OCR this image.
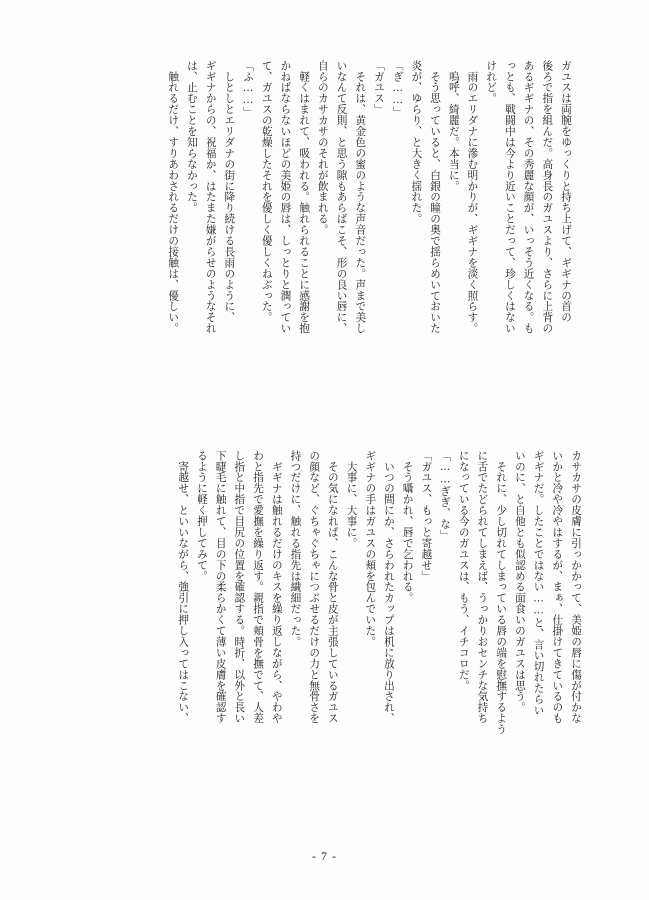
ガユスは両腕をゆっくりと持ち上げて、ギギナの首の

後ろで指を組んだ。高身長のガユスより、さらに上背の

あるギギナの、その秀麗な顔が、いっそう近くなる。も

っとも、戦闘中は今より近いことだって、珍しくはない

けれど。

　雨のエリダナに滲む明かりが、ギギナを淡く照らす。

　嗚呼、綺麗だ。本当に。

　そう思っていると、白銀の瞳の奥で揺らめいておいた

炎が、ゆらり、と大きく揺れた。

「ぎ……」

「ガユス」

　それは、黄金色の蜜のような声音だった。声まで美し

いなんて反則、と思う隙もあらばこそ、形の良い唇に、

自らのカサカサのそれが飲まれる。

　軽くはまれて、吸われる。触れられることに感謝を抱

かねばならないほどの美姫の唇は、しっとりと潤ってい

て、ガユスの乾燥したそれを優しく優しくねぶった。

「ふ……」

　しとしとエリダナの街に降り続ける長雨のように、

ギギナからの、祝福か、はたまた嫌がらせのようなそれ

は、止むことを知らなかった。

　触れるだけ、すりあわされるだけの接触は、優しい。

カサカサの皮膚に引っかかって、美姫の唇に傷が付かな

いかと冷や冷やはするが、まぁ、仕掛けてきているのも

ギギナだ。したことではない……と、言い切れたらい

いのに、と自他とも似認める面食いのガユスは思う。

　それに、少し切れてしまっている唇の端を慰撫するよう

に舌でたどられてしまえば、うっかりおセンチな気持ち

になっている今のガユスは、もう、イチコロだ。

「……ぎぎ、な」

「ガユス、もっと寄越せ」

　そう囁かれ、唇で乞われる。

　いつの間にか、さらわれたカップは机に放り出され、

ギギナの手はガユスの頬を包んでいた。

　大事に、大事に。

　その気になれば、こんな骨と皮が主張しているガユス

の顔など、ぐちゃぐちゃにつぶせるだけの力と無骨さを

持つだけに、触れる指先は繊細だった。

　ギギナは触れるだけのキスを繰り返しながら、やわや

わと指先で愛撫を繰り返す。親指で頬骨を撫でて、人差

し指と中指で目尻の位置を確認する。時折、以外と長い

下睫毛に触れて、目の下の柔らかくて薄い皮膚を確認す

るように軽く押してみて。

　寄越せ、といいながら、強引に押し入ってはこない、

- 7 -
